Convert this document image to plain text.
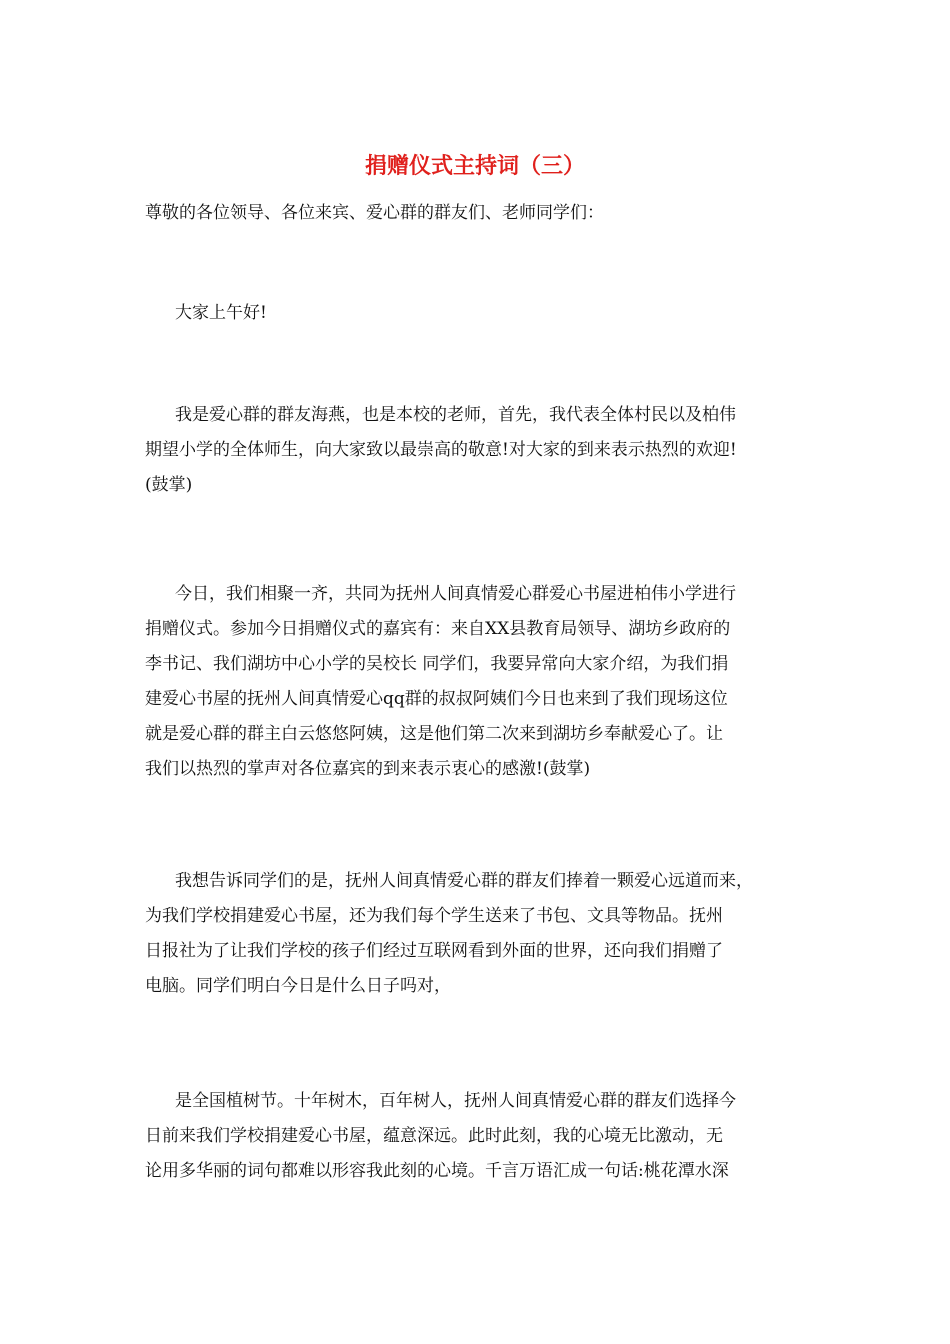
捐赠仪式主持词（三）

尊敬的各位领导、各位来宾、爱心群的群友们、老师同学们：

大家上午好!

我是爱心群的群友海燕，也是本校的老师，首先，我代表全体村民以及柏伟
期望小学的全体师生，向大家致以最崇高的敬意!对大家的到来表示热烈的欢迎!
(鼓掌)

今日，我们相聚一齐，共同为抚州人间真情爱心群爱心书屋进柏伟小学进行
捐赠仪式。参加今日捐赠仪式的嘉宾有：来自XX县教育局领导、湖坊乡政府的
李书记、我们湖坊中心小学的吴校长 同学们，我要异常向大家介绍，为我们捐
建爱心书屋的抚州人间真情爱心qq群的叔叔阿姨们今日也来到了我们现场这位
就是爱心群的群主白云悠悠阿姨，这是他们第二次来到湖坊乡奉献爱心了。让
我们以热烈的掌声对各位嘉宾的到来表示衷心的感激!(鼓掌)

我想告诉同学们的是，抚州人间真情爱心群的群友们捧着一颗爱心远道而来，
为我们学校捐建爱心书屋，还为我们每个学生送来了书包、文具等物品。抚州
日报社为了让我们学校的孩子们经过互联网看到外面的世界，还向我们捐赠了
电脑。同学们明白今日是什么日子吗对，

是全国植树节。十年树木，百年树人，抚州人间真情爱心群的群友们选择今
日前来我们学校捐建爱心书屋，蕴意深远。此时此刻，我的心境无比激动，无
论用多华丽的词句都难以形容我此刻的心境。千言万语汇成一句话:桃花潭水深
